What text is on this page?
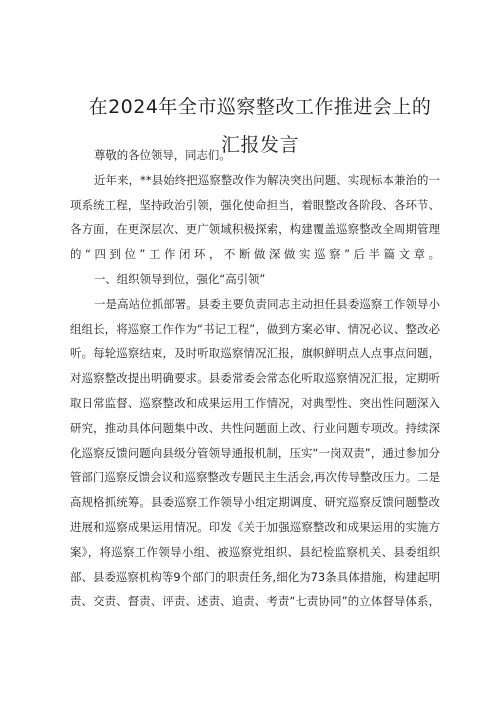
在2024年全市巡察整改工作推进会上的
汇报发言
尊敬的各位领导，同志们。
近年来，**县始终把巡察整改作为解决突出问题、实现标本兼治的一
项系统工程，坚持政治引领，强化使命担当，着眼整改各阶段、各环节、
各方面，在更深层次、更广领域积极探索，构建覆盖巡察整改全周期管理
的“四到位”工作闭环，不断做深做实巡察”后半篇文章。
一、组织领导到位，强化“高引领”
一是高站位抓部署。县委主要负责同志主动担任县委巡察工作领导小
组组长，将巡察工作作为“书记工程”，做到方案必审、情况必议、整改必
听。每轮巡察结束，及时听取巡察情况汇报，旗帜鲜明点人点事点问题，
对巡察整改提出明确要求。县委常委会常态化听取巡察情况汇报，定期听
取日常监督、巡察整改和成果运用工作情况，对典型性、突出性问题深入
研究，推动具体问题集中改、共性问题面上改、行业问题专项改。持续深
化巡察反馈问题向县级分管领导通报机制，压实“一岗双责”，通过参加分
管部门巡察反馈会议和巡察整改专题民主生活会,再次传导整改压力。二是
高规格抓统筹。县委巡察工作领导小组定期调度、研究巡察反馈问题整改
进展和巡察成果运用情况。印发《关于加强巡察整改和成果运用的实施方
案》，将巡察工作领导小组、被巡察党组织、县纪检监察机关、县委组织
部、县委巡察机构等9个部门的职责任务,细化为73条具体措施，构建起明
责、交责、督责、评责、述责、追责、考责“七责协同”的立体督导体系，
